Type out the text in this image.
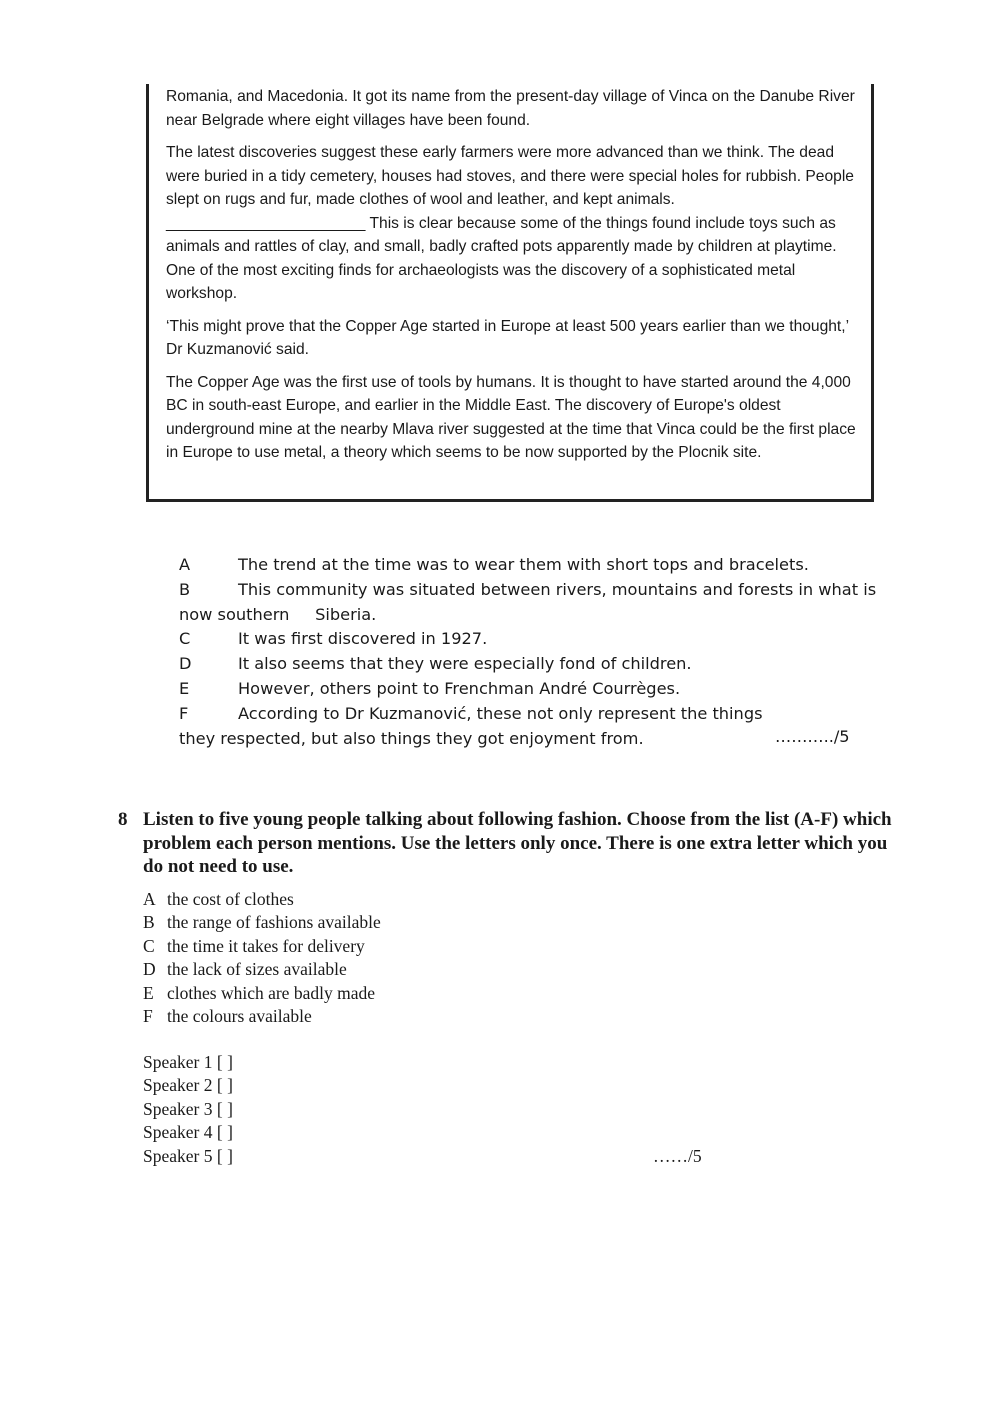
Romania, and Macedonia. It got its name from the present-day village of Vinca on the Danube River near Belgrade where eight villages have been found.

The latest discoveries suggest these early farmers were more advanced than we think. The dead were buried in a tidy cemetery, houses had stoves, and there were special holes for rubbish. People slept on rugs and fur, made clothes of wool and leather, and kept animals. _______________________ This is clear because some of the things found include toys such as animals and rattles of clay, and small, badly crafted pots apparently made by children at playtime. One of the most exciting finds for archaeologists was the discovery of a sophisticated metal workshop.

‘This might prove that the Copper Age started in Europe at least 500 years earlier than we thought,’ Dr Kuzmanović said.

The Copper Age was the first use of tools by humans. It is thought to have started around the 4,000 BC in south-east Europe, and earlier in the Middle East. The discovery of Europe's oldest underground mine at the nearby Mlava river suggested at the time that Vinca could be the first place in Europe to use metal, a theory which seems to be now supported by the Plocnik site.

A	The trend at the time was to wear them with short tops and bracelets.
B	This community was situated between rivers, mountains and forests in what is now southern     Siberia.
C	It was first discovered in 1927.
D	It also seems that they were especially fond of children.
E	However, others point to Frenchman André Courrèges.
F	According to Dr Kuzmanović, these not only represent the things they respected, but also things they got enjoyment from.	………../5
8 Listen to five young people talking about following fashion. Choose from the list (A-F) which problem each person mentions. Use the letters only once. There is one extra letter which you do not need to use.
A the cost of clothes
B the range of fashions available
C the time it takes for delivery
D the lack of sizes available
E clothes which are badly made
F the colours available
Speaker 1 [ ]
Speaker 2 [ ]
Speaker 3 [ ]
Speaker 4 [ ]
Speaker 5 [ ]	……/5
